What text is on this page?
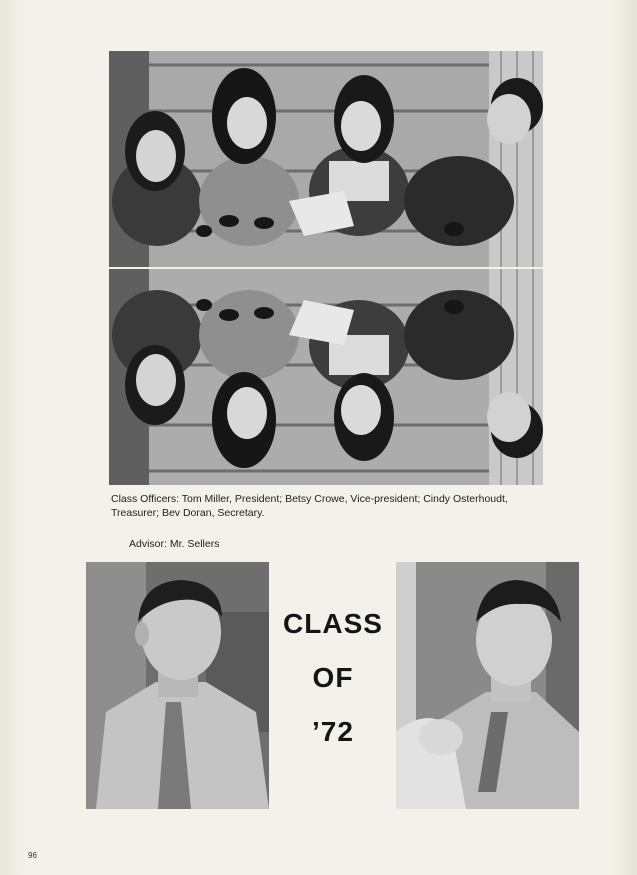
Class Officers: Tom Miller, President; Betsy Crowe, Vice-president; Cindy Osterhoudt, Treasurer; Bev Doran, Secretary.

Advisor: Mr. Sellers

CLASS
OF
’72

96
